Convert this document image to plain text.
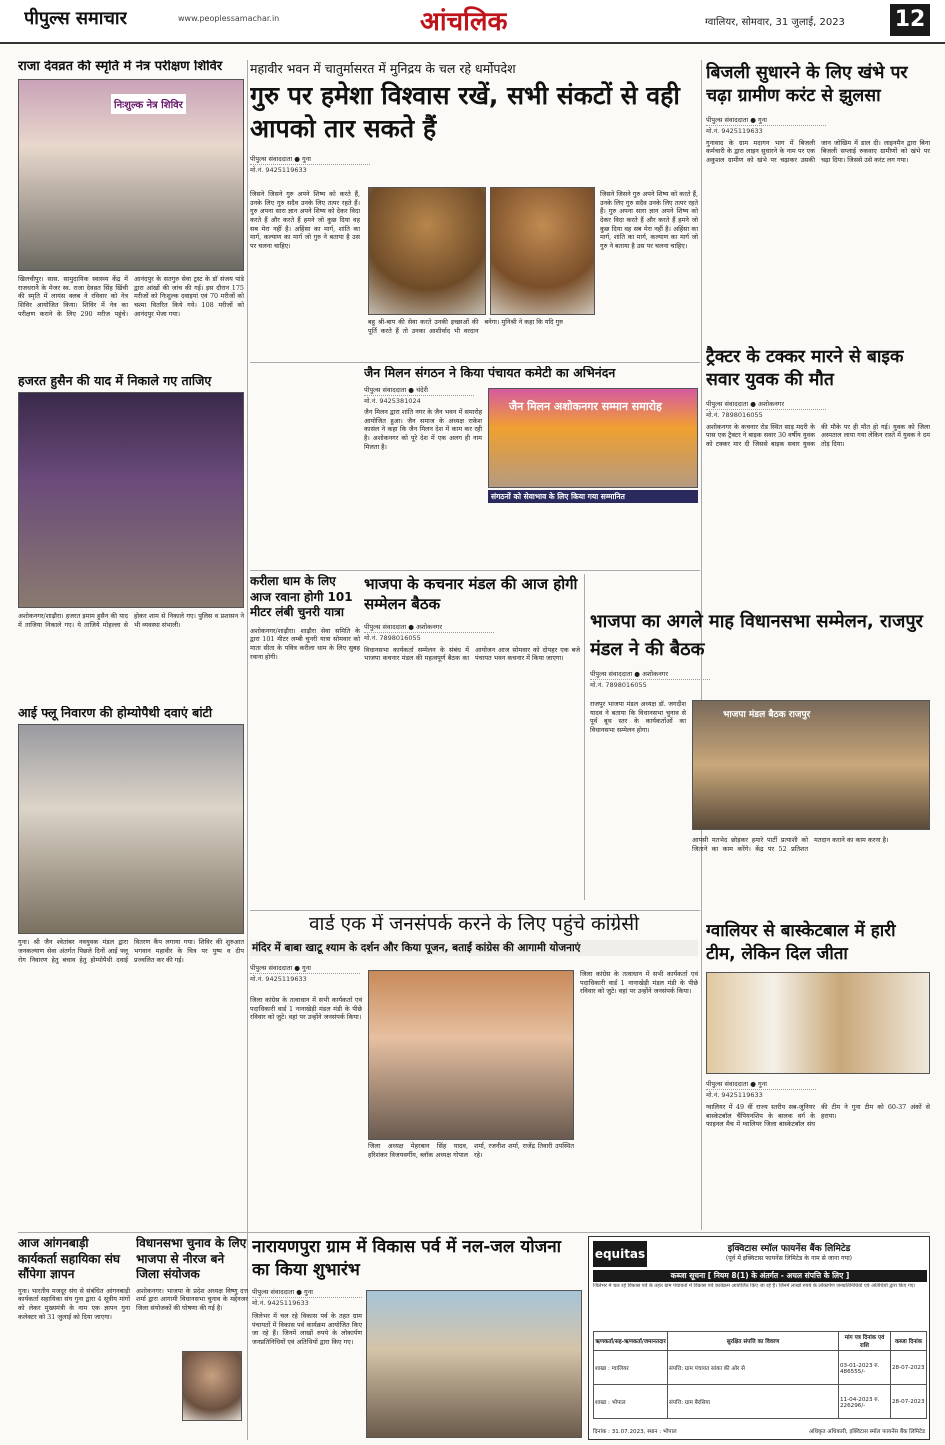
पीपुल्स समाचार	www.peoplessamachar.in	आंचलिक	ग्वालियर, सोमवार, 31 जुलाई, 2023 12
राजा देवव्रत की स्मृति में नेत्र परीक्षण शिविर
निःशुल्क नेत्र शिविर
खिलचीपुर। सास. सामुदायिक स्वास्थ्य केंद्र में राजधरानेे के मेजर स्व. राजा देवव्रत सिंह खिंची की स्मृति में लायंस क्लब ने रविवार को नेत्र शिविर आयोजित किया। शिविर में नेत्र का परीक्षण कराने के लिए 290 मरीज पहुंचे। आनंदपुर के सतगुरु सेवा ट्रस्ट के डॉ संजय पांडे द्वारा आंखों की जांच की गई। इस दौरान 175 मरीजों को निःशुल्क दवाइयां एवं 70 मरीजों को चश्मा वितरित किये गये। 108 मरीजों को आनंदपुर भेजा गया।
महावीर भवन में चातुर्मासरत में मुनिद्रय के चल रहे धर्मोपदेश
गुरु पर हमेशा विश्वास रखें, सभी संकटों से वही आपको तार सकते हैं
पीपुल्स संवाददाता ● गुना
मो.नं. 9425119633
जिसने जिसने गुरु अपने शिष्य को करते हैं, उनके लिए गुरु सदैव उनके लिए तत्पर रहते हैं। गुरु अपना सारा ज्ञान अपने शिष्य को देकर विदा करते हैं और करते हैं हमने जो कुछ दिया वह सब मेरा नहीं है। अहिंसा का मार्ग, शांति का मार्ग, कल्याण का मार्ग जो गुरु ने बताया है उस पर चलना चाहिए।
बहु श्री-बाप की सेवा करते उनकी इच्छाओं की पूर्ति करते हैं तो उनका आशीर्वाद भी वरदान बनेगा। मुनिश्री ने कहा कि यदि गुरु
जिसने जिसने गुरु अपने शिष्य को करते हैं, उनके लिए गुरु सदैव उनके लिए तत्पर रहते हैं। गुरु अपना सारा ज्ञान अपने शिष्य को देकर विदा करते हैं और करते हैं हमने जो कुछ दिया वह सब मेरा नहीं है। अहिंसा का मार्ग, शांति का मार्ग, कल्याण का मार्ग जो गुरु ने बताया है उस पर चलना चाहिए।
बिजली सुधारने के लिए खंभे पर चढ़ा ग्रामीण करंट से झुलसा
पीपुल्स संवाददाता ● गुना
मो.नं. 9425119633
गुनावाद के ग्राम मदागन भाग में बिजली कर्मचारी के द्वारा लाइन सुधारने के नाम पर एक अकुशल ग्रामीण को खंभे पर चढ़ाकर उसकी जान जोखिम में डाल दी। लाइनमैन द्वारा बिना बिजली सप्लाई रुकवाए ग्रामीणों को खंभे पर चढ़ा दिया। जिससे उसे करंट लग गया।
जैन मिलन संगठन ने किया पंचायत कमेटी का अभिनंदन
पीपुल्स संवाददाता ● चंदेरी
मो.नं. 9425381024
जैन मिलन द्वारा शांति नगर के जैन भवन में समारोह आयोजित हुआ। जैन समाज के अध्यक्ष राकेश कासंल ने कहा कि जैन मिलन देश में काम कर रही है। अशोकनगर को पूरे देश में एक अलग ही नाम मिलता है।
जैन मिलन अशोकनगर सम्मान समारोह
संगठनों को सेवाभाव के लिए किया गया सम्मानित
ट्रैक्टर के टक्कर मारने से बाइक सवार युवक की मौत
पीपुल्स संवाददाता ● अशोकनगर
मो.नं. 7898016055
अशोकनगर के कचनार रोड स्थित साड़ मदरी के पास एक ट्रैक्टर ने बाइक सवार 30 वर्षीय युवक को टक्कर मार दी जिससे बाइक सवार युवक की मौके पर ही मौत हो गई। युवक को जिला अस्पताल लाया गया लेकिन रास्ते में युवक ने दम तोड़ दिया।
हजरत हुसैन की याद में निकाले गए ताजिए
अशोकनगर/शाढ़ौरा। हजरत इमाम हुसैन की याद में ताजिया निकाले गए। ये ताजिये मोहल्ला से होकर शाम से निकाले गए। पुलिस व प्रशासन ने भी व्यवस्था संभाली।
करीला धाम के लिए आज रवाना होगी 101 मीटर लंबी चुनरी यात्रा
अशोकनगर/शाढ़ौरा। शाढ़ौरा सेवा समिति के द्वारा 101 मीटर लम्बी चुनरी यात्रा सोमवार को माता सीता के पवित्र करीला धाम के लिए सुबह रवाना होगी।
भाजपा के कचनार मंडल की आज होगी सम्मेलन बैठक
पीपुल्स संवाददाता ● अशोकनगर
मो.नं. 7898016055
विधानसभा कार्यकर्ता सम्मेलन के संबंध में भाजपा कचनार मंडल की महत्वपूर्ण बैठक का आयोजन आज सोमवार को दोपहर एक बजे पंचायत भवन कचनार में किया जाएगा।
भाजपा का अगले माह विधानसभा सम्मेलन, राजपुर मंडल ने की बैठक
पीपुल्स संवाददाता ● अशोकनगर
मो.नं. 7898016055
राजपुर भाजपा मंडल अध्यक्ष डॉ. जगदीश यादव ने बताया कि विधानसभा चुनाव से पूर्व बूथ स्तर के कार्यकर्ताओं का विधानसभा सम्मेलन होगा।
भाजपा मंडल बैठक राजपुर
आपसी मतभेद छोड़कर हमारे पार्टी प्रत्याशी को जिताने का काम करेंगे। केंद्र पर 52 प्रतिशत मतदान कराने का काम करना है।
आई फ्लू निवारण की होम्योपैथी दवाएं बांटी
गुना। श्री जैन श्वेतांबर नवयुवक मंडल द्वारा जनकल्याण सेवा अंतर्गत पिछले दिनों आई फ्लू रोग निवारण हेतु बचाव हेतु होम्योपैथी दवाई वितरण कैंप लगाया गया। शिविर की शुरुआत भगवान महावीर के चित्र पर पुष्प व दीप प्रज्वलित कर की गई।
वार्ड एक में जनसंपर्क करने के लिए पहुंचे कांग्रेसी
मंदिर में बाबा खाटू श्याम के दर्शन और किया पूजन, बताईं कांग्रेस की आगामी योजनाएं
पीपुल्स संवाददाता ● गुना
मो.नं. 9425119633
जिला कांग्रेस के तत्वाधान में सभी कार्यकर्ता एवं पदाधिकारी वार्ड 1 नानाखेड़ी मंडल मंडी के पीछे रविवार को जुटे। वहां पर उन्होंने जनसंपर्क किया।
जिला अध्यक्ष मेहरबान सिंह यादव, हरिशंकर विजयवर्गीय, ब्लॉक अध्यक्ष गोपाल शर्मा, रजनीश शर्मा, राजेंद्र तिवारी उपस्थित रहे।
जिला कांग्रेस के तत्वाधान में सभी कार्यकर्ता एवं पदाधिकारी वार्ड 1 नानाखेड़ी मंडल मंडी के पीछे रविवार को जुटे। वहां पर उन्होंने जनसंपर्क किया।
ग्वालियर से बास्केटबाल में हारी टीम, लेकिन दिल जीता
पीपुल्स संवाददाता ● गुना
मो.नं. 9425119633
ग्वालियर में 49 वीं राज्य स्तरीय सब-जूनियर बास्केटबॉल चैंपियनशिप के बालक वर्ग के फाइनल मैच में ग्वालियर जिला बास्केटबॉल संघ की टीम ने गुना टीम को 60-37 अंकों से हराया।
आज आंगनबाड़ी कार्यकर्ता सहायिका संघ सौंपेगा ज्ञापन
गुना। भारतीय मजदूर संघ से संबंधित आंगनबाड़ी कार्यकर्ता सहायिका संघ गुना द्वारा 4 सूत्रीय मांगों को लेकर मुख्यमंत्री के नाम एक ज्ञापन गुना कलेक्टर को 31 जुलाई को दिया जाएगा।
विधानसभा चुनाव के लिए भाजपा से नीरज बने जिला संयोजक
अशोकनगर। भाजपा के प्रदेश अध्यक्ष विष्णु दत्त शर्मा द्वारा आगामी विधानसभा चुनाव के मद्देनजर जिला संयोजकों की घोषणा की गई है।
नारायणपुरा ग्राम में विकास पर्व में नल-जल योजना का किया शुभारंभ
पीपुल्स संवाददाता ● गुना
मो.नं. 9425119633
जिलेभर में चल रहे विकास पर्व के तहत ग्राम पंचायतों में विकास पर्व कार्यक्रम आयोजित किए जा रहे हैं। जिनमें लाखों रुपये के लोकार्पण जनप्रतिनिधियों एवं अतिथियों द्वारा किए गए।
equitas	इक्विटास स्मॉल फायनेंस बैंक लिमिटेड
(पूर्व में इक्विटास फायनेंस लिमिटेड के नाम से जाना गया)
कब्जा सूचना [ नियम 8(1) के अंतर्गत - अचल संपत्ति के लिए ]
जिलेभर में चल रहे विकास पर्व के तहत ग्राम पंचायतों में विकास पर्व कार्यक्रम आयोजित किए जा रहे हैं। जिनमें लाखों रुपये के लोकार्पण जनप्रतिनिधियों एवं अतिथियों द्वारा किए गए।
ऋणकर्ता/सह-ऋणकर्ता/जमानतदार	सुरक्षित संपत्ति का विवरण	मांग पत्र दिनांक एवं राशि	कब्जा दिनांक
शाखा : ग्वालियर	संपत्ति: ग्राम पंचायत सांका की ओर से	03-01-2023 रु. 486555/-	28-07-2023
शाखा : भोपाल	संपत्ति: ग्राम बैरसिया	11-04-2023 रु. 226296/-	28-07-2023
दिनांक : 31.07.2023, स्थान : भोपाल	अधिकृत अधिकारी, इक्विटास स्मॉल फायनेंस बैंक लिमिटेड
